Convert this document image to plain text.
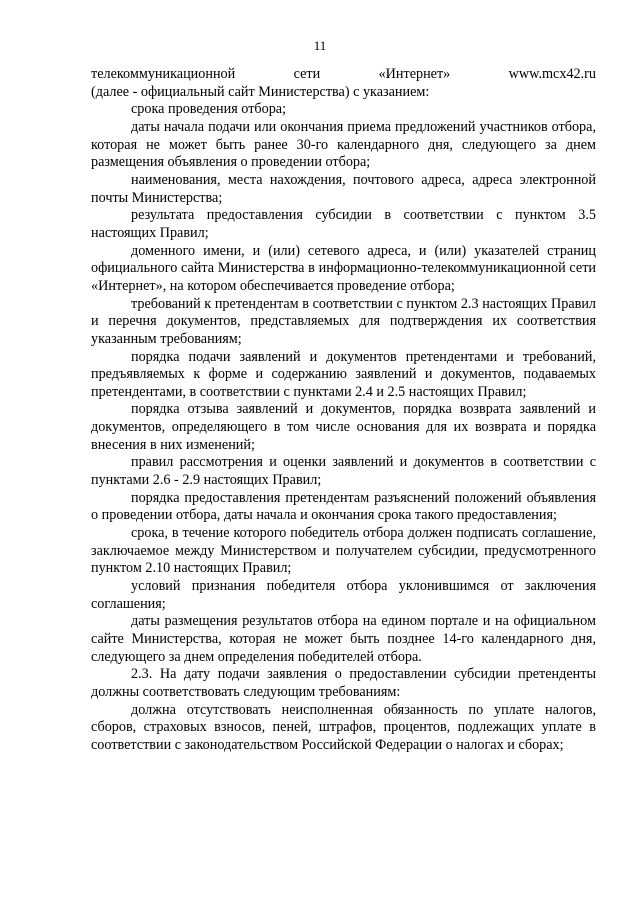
11

телекоммуникационной сети «Интернет» www.mcx42.ru

(далее - официальный сайт Министерства) с указанием:

срока проведения отбора;

даты начала подачи или окончания приема предложений участников отбора, которая не может быть ранее 30-го календарного дня, следующего за днем размещения объявления о проведении отбора;

наименования, места нахождения, почтового адреса, адреса электронной почты Министерства;

результата предоставления субсидии в соответствии с пунктом 3.5 настоящих Правил;

доменного имени, и (или) сетевого адреса, и (или) указателей страниц официального сайта Министерства в информационно-телекоммуникационной сети «Интернет», на котором обеспечивается проведение отбора;

требований к претендентам в соответствии с пунктом 2.3 настоящих Правил и перечня документов, представляемых для подтверждения их соответствия указанным требованиям;

порядка подачи заявлений и документов претендентами и требований, предъявляемых к форме и содержанию заявлений и документов, подаваемых претендентами, в соответствии с пунктами 2.4 и 2.5 настоящих Правил;

порядка отзыва заявлений и документов, порядка возврата заявлений и документов, определяющего в том числе основания для их возврата и порядка внесения в них изменений;

правил рассмотрения и оценки заявлений и документов в соответствии с пунктами 2.6 - 2.9 настоящих Правил;

порядка предоставления претендентам разъяснений положений объявления о проведении отбора, даты начала и окончания срока такого предоставления;

срока, в течение которого победитель отбора должен подписать соглашение, заключаемое между Министерством и получателем субсидии, предусмотренного пунктом 2.10 настоящих Правил;

условий признания победителя отбора уклонившимся от заключения соглашения;

даты размещения результатов отбора на едином портале и на официальном сайте Министерства, которая не может быть позднее 14-го календарного дня, следующего за днем определения победителей отбора.

2.3. На дату подачи заявления о предоставлении субсидии претенденты должны соответствовать следующим требованиям:

должна отсутствовать неисполненная обязанность по уплате налогов, сборов, страховых взносов, пеней, штрафов, процентов, подлежащих уплате в соответствии с законодательством Российской Федерации о налогах и сборах;
